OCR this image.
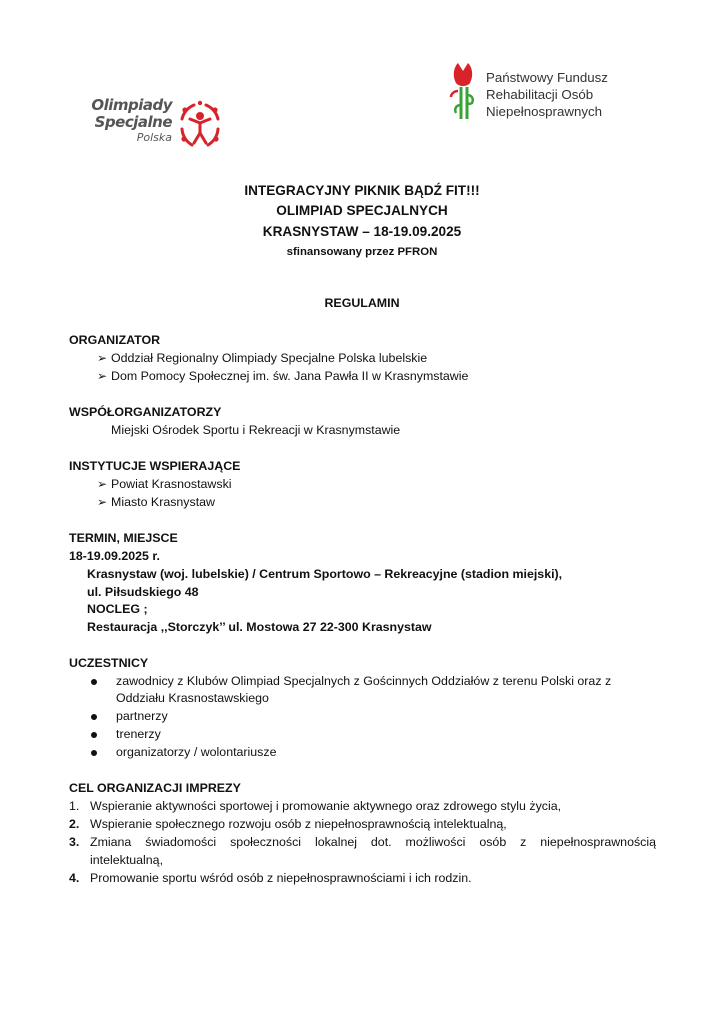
Olimpiady
Specjalne
Polska
Państwowy Fundusz
Rehabilitacji Osób
Niepełnosprawnych
INTEGRACYJNY PIKNIK BĄDŹ FIT!!!
OLIMPIAD SPECJALNYCH
KRASNYSTAW – 18-19.09.2025
sfinansowany przez PFRON
REGULAMIN
ORGANIZATOR
➢ Oddział Regionalny Olimpiady Specjalne Polska lubelskie
➢ Dom Pomocy Społecznej im. św. Jana Pawła II w Krasnymstawie
WSPÓŁORGANIZATORZY
Miejski Ośrodek Sportu i Rekreacji w Krasnymstawie
INSTYTUCJE WSPIERAJĄCE
➢ Powiat Krasnostawski
➢ Miasto Krasnystaw
TERMIN, MIEJSCE
18-19.09.2025 r.
Krasnystaw (woj. lubelskie) / Centrum Sportowo – Rekreacyjne (stadion miejski),
ul. Piłsudskiego 48
NOCLEG ;
Restauracja ,,Storczyk’’ ul. Mostowa 27 22-300 Krasnystaw
UCZESTNICY
zawodnicy z Klubów Olimpiad Specjalnych z Gościnnych Oddziałów z terenu Polski oraz z
Oddziału Krasnostawskiego
partnerzy
trenerzy
organizatorzy / wolontariusze
CEL ORGANIZACJI IMPREZY
1. Wspieranie aktywności sportowej i promowanie aktywnego oraz zdrowego stylu życia,
2. Wspieranie społecznego rozwoju osób z niepełnosprawnością intelektualną,
3. Zmiana świadomości społeczności lokalnej dot. możliwości osób z niepełnosprawnością
intelektualną,
4. Promowanie sportu wśród osób z niepełnosprawnościami i ich rodzin.
